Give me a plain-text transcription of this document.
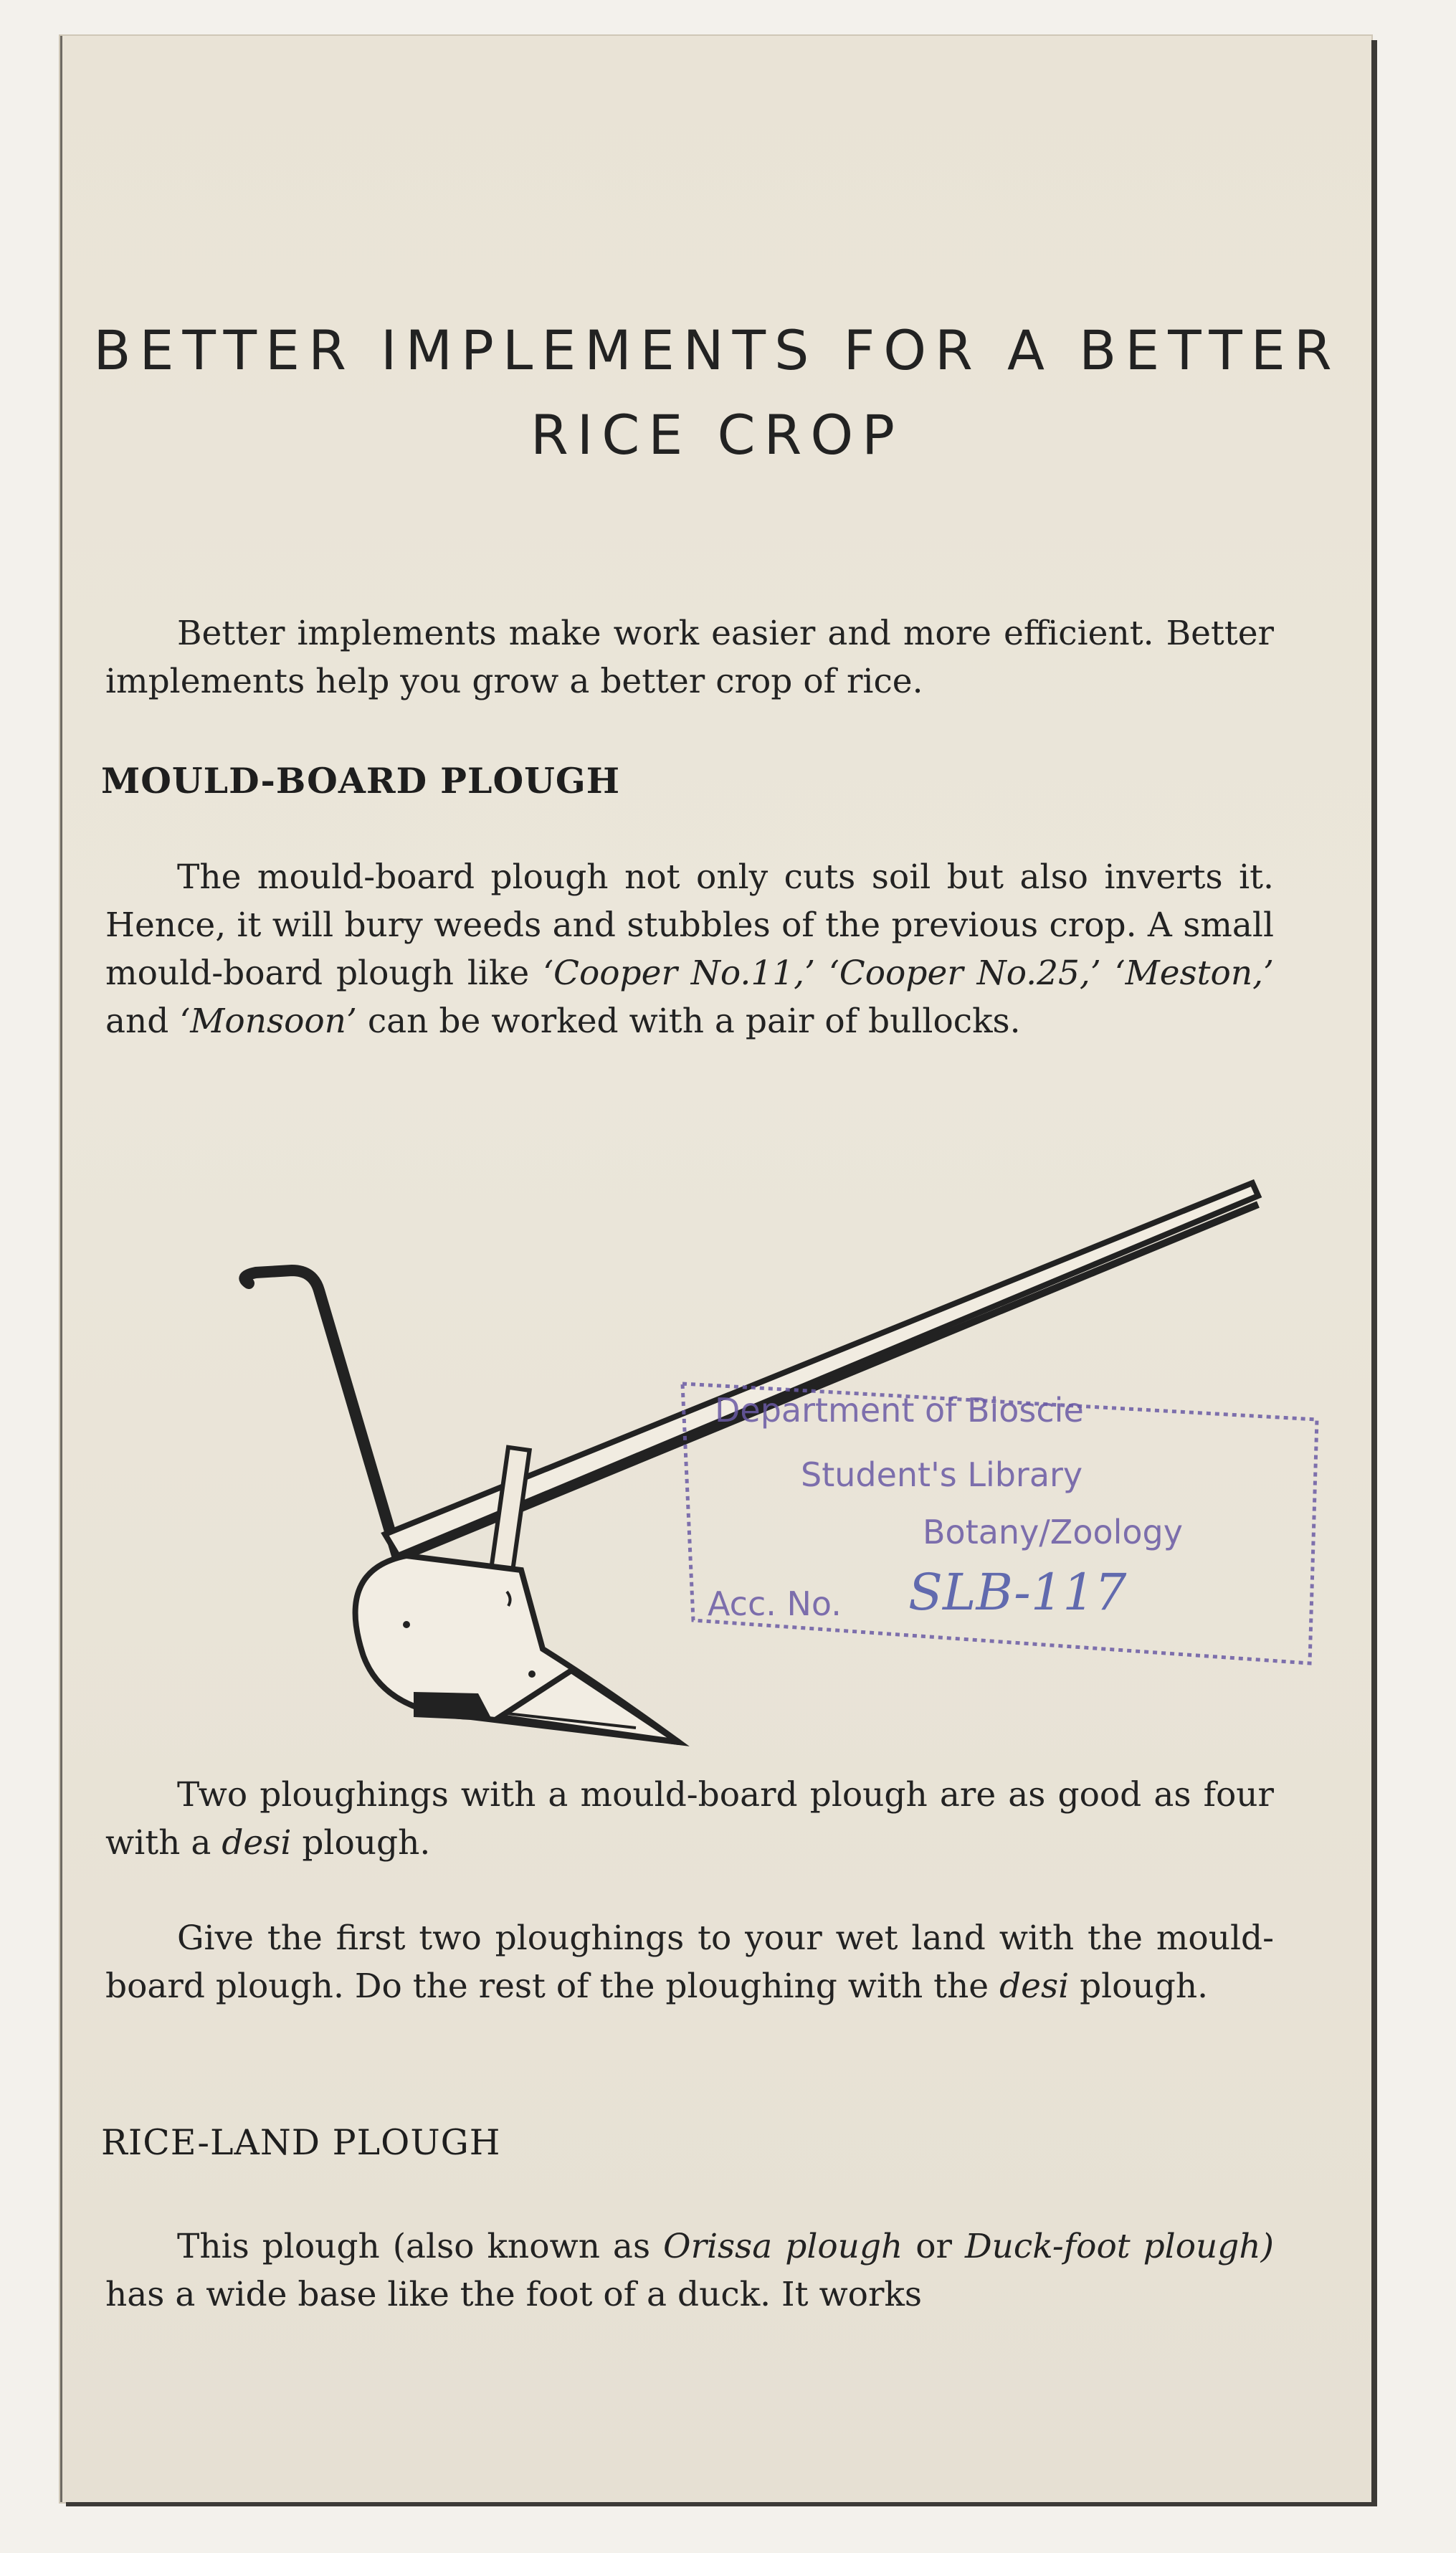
BETTER IMPLEMENTS FOR A BETTER
RICE CROP
Better implements make work easier and more efficient. Better implements help you grow a better crop of rice.
MOULD-BOARD PLOUGH
The mould-board plough not only cuts soil but also inverts it. Hence, it will bury weeds and stubbles of the previous crop. A small mould-board plough like ‘Cooper No.11,’ ‘Cooper No.25,’ ‘Meston,’ and ‘Monsoon’ can be worked with a pair of bullocks.
Department of Bioscie
Student's Library
Botany/Zoology
Acc. No. SLB-117
Two ploughings with a mould-board plough are as good as four with a desi plough.
Give the first two ploughings to your wet land with the mould-board plough. Do the rest of the ploughing with the desi plough.
RICE-LAND PLOUGH
This plough (also known as Orissa plough or Duck-foot plough) has a wide base like the foot of a duck. It works
